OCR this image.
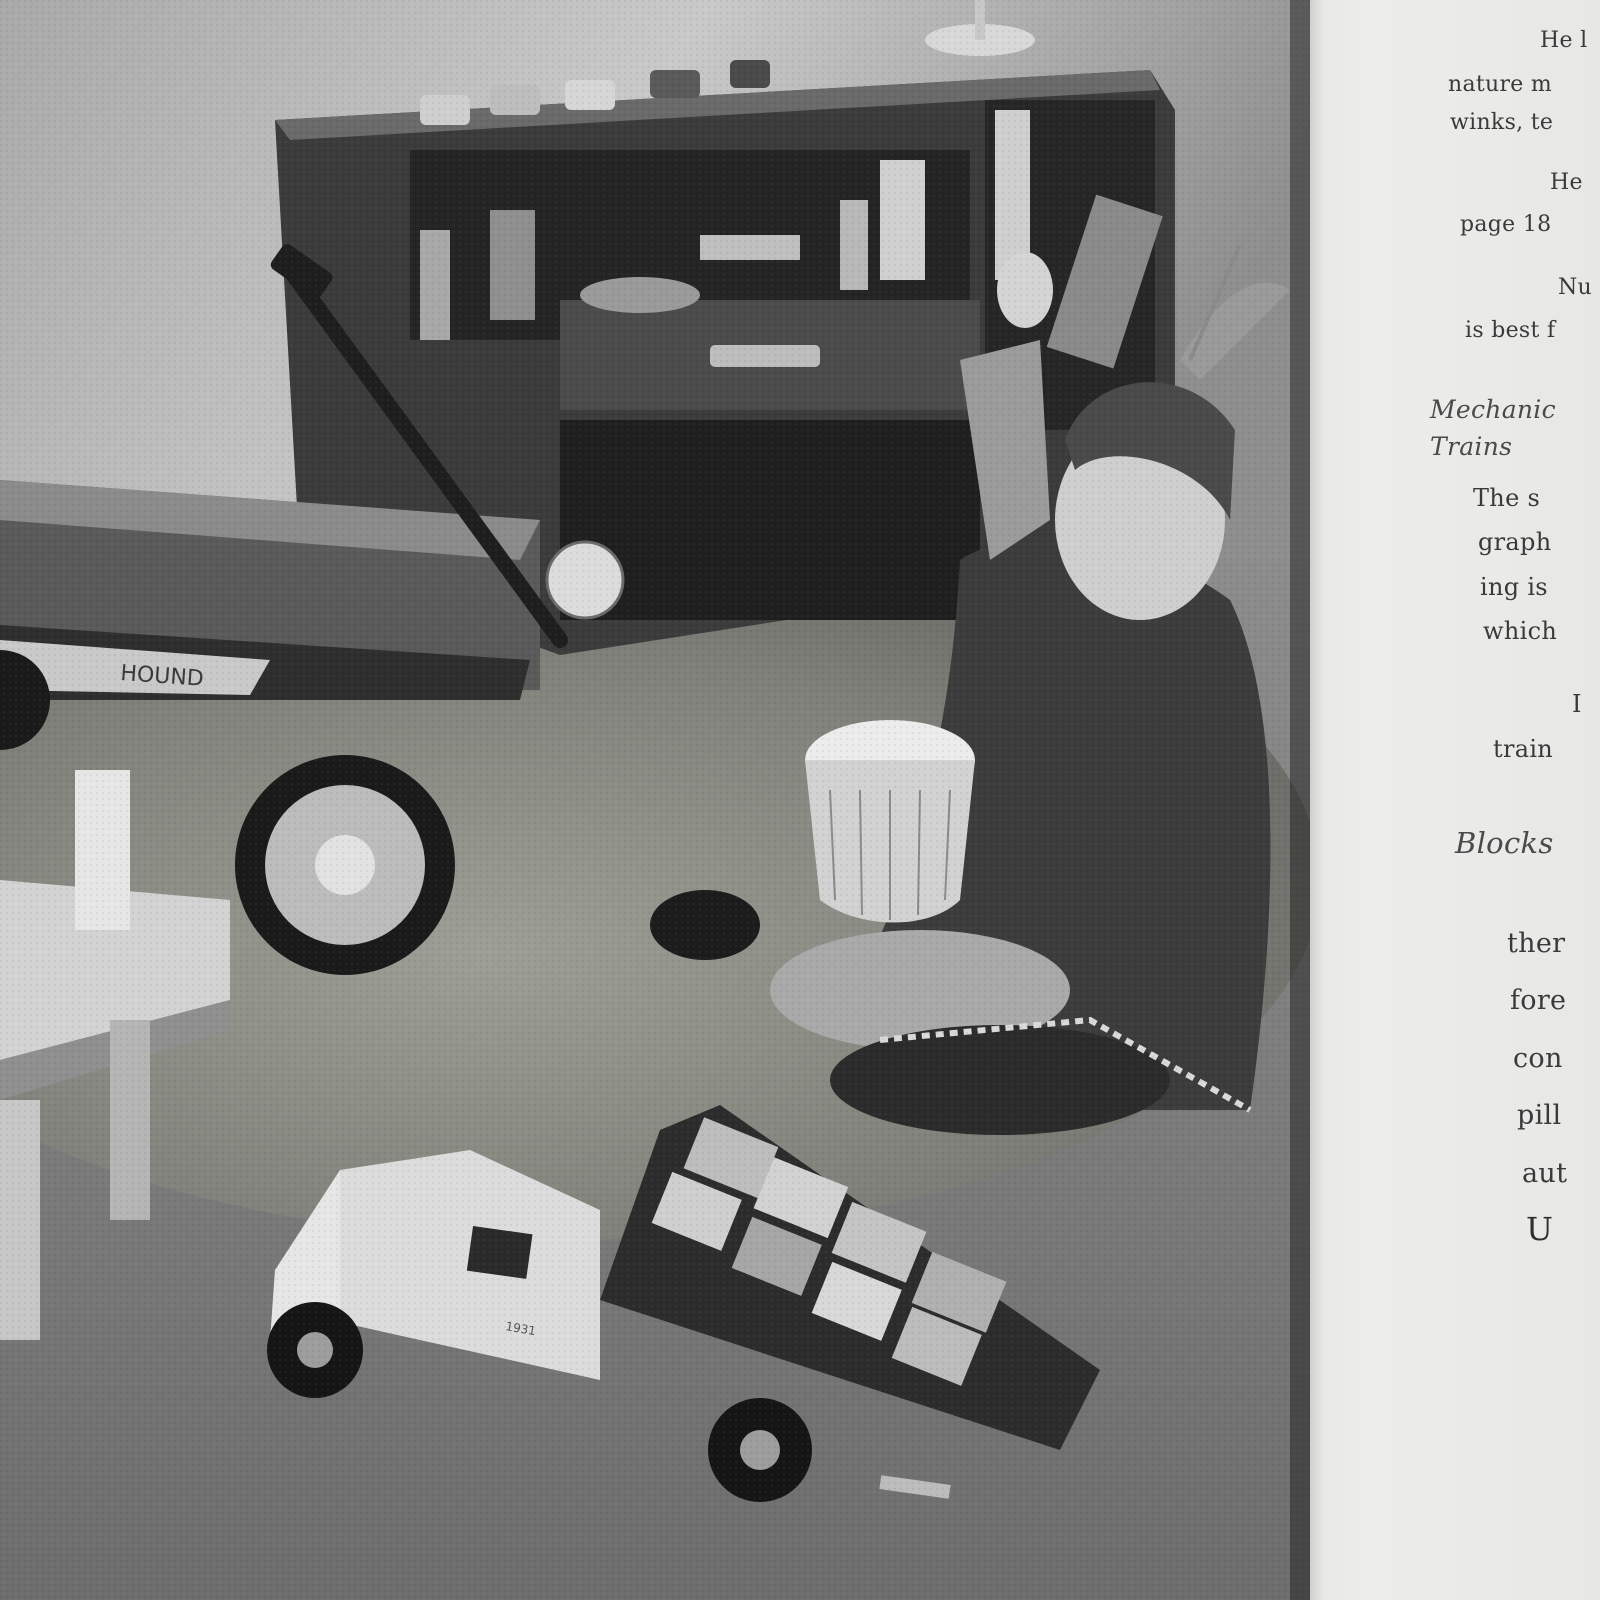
He l
nature m
winks, te
He
page 18
Nu
is best f
Mechanic
Trains
The s
graph
ing is
which
I
train
Blocks
ther
fore
con
pill
aut
U
